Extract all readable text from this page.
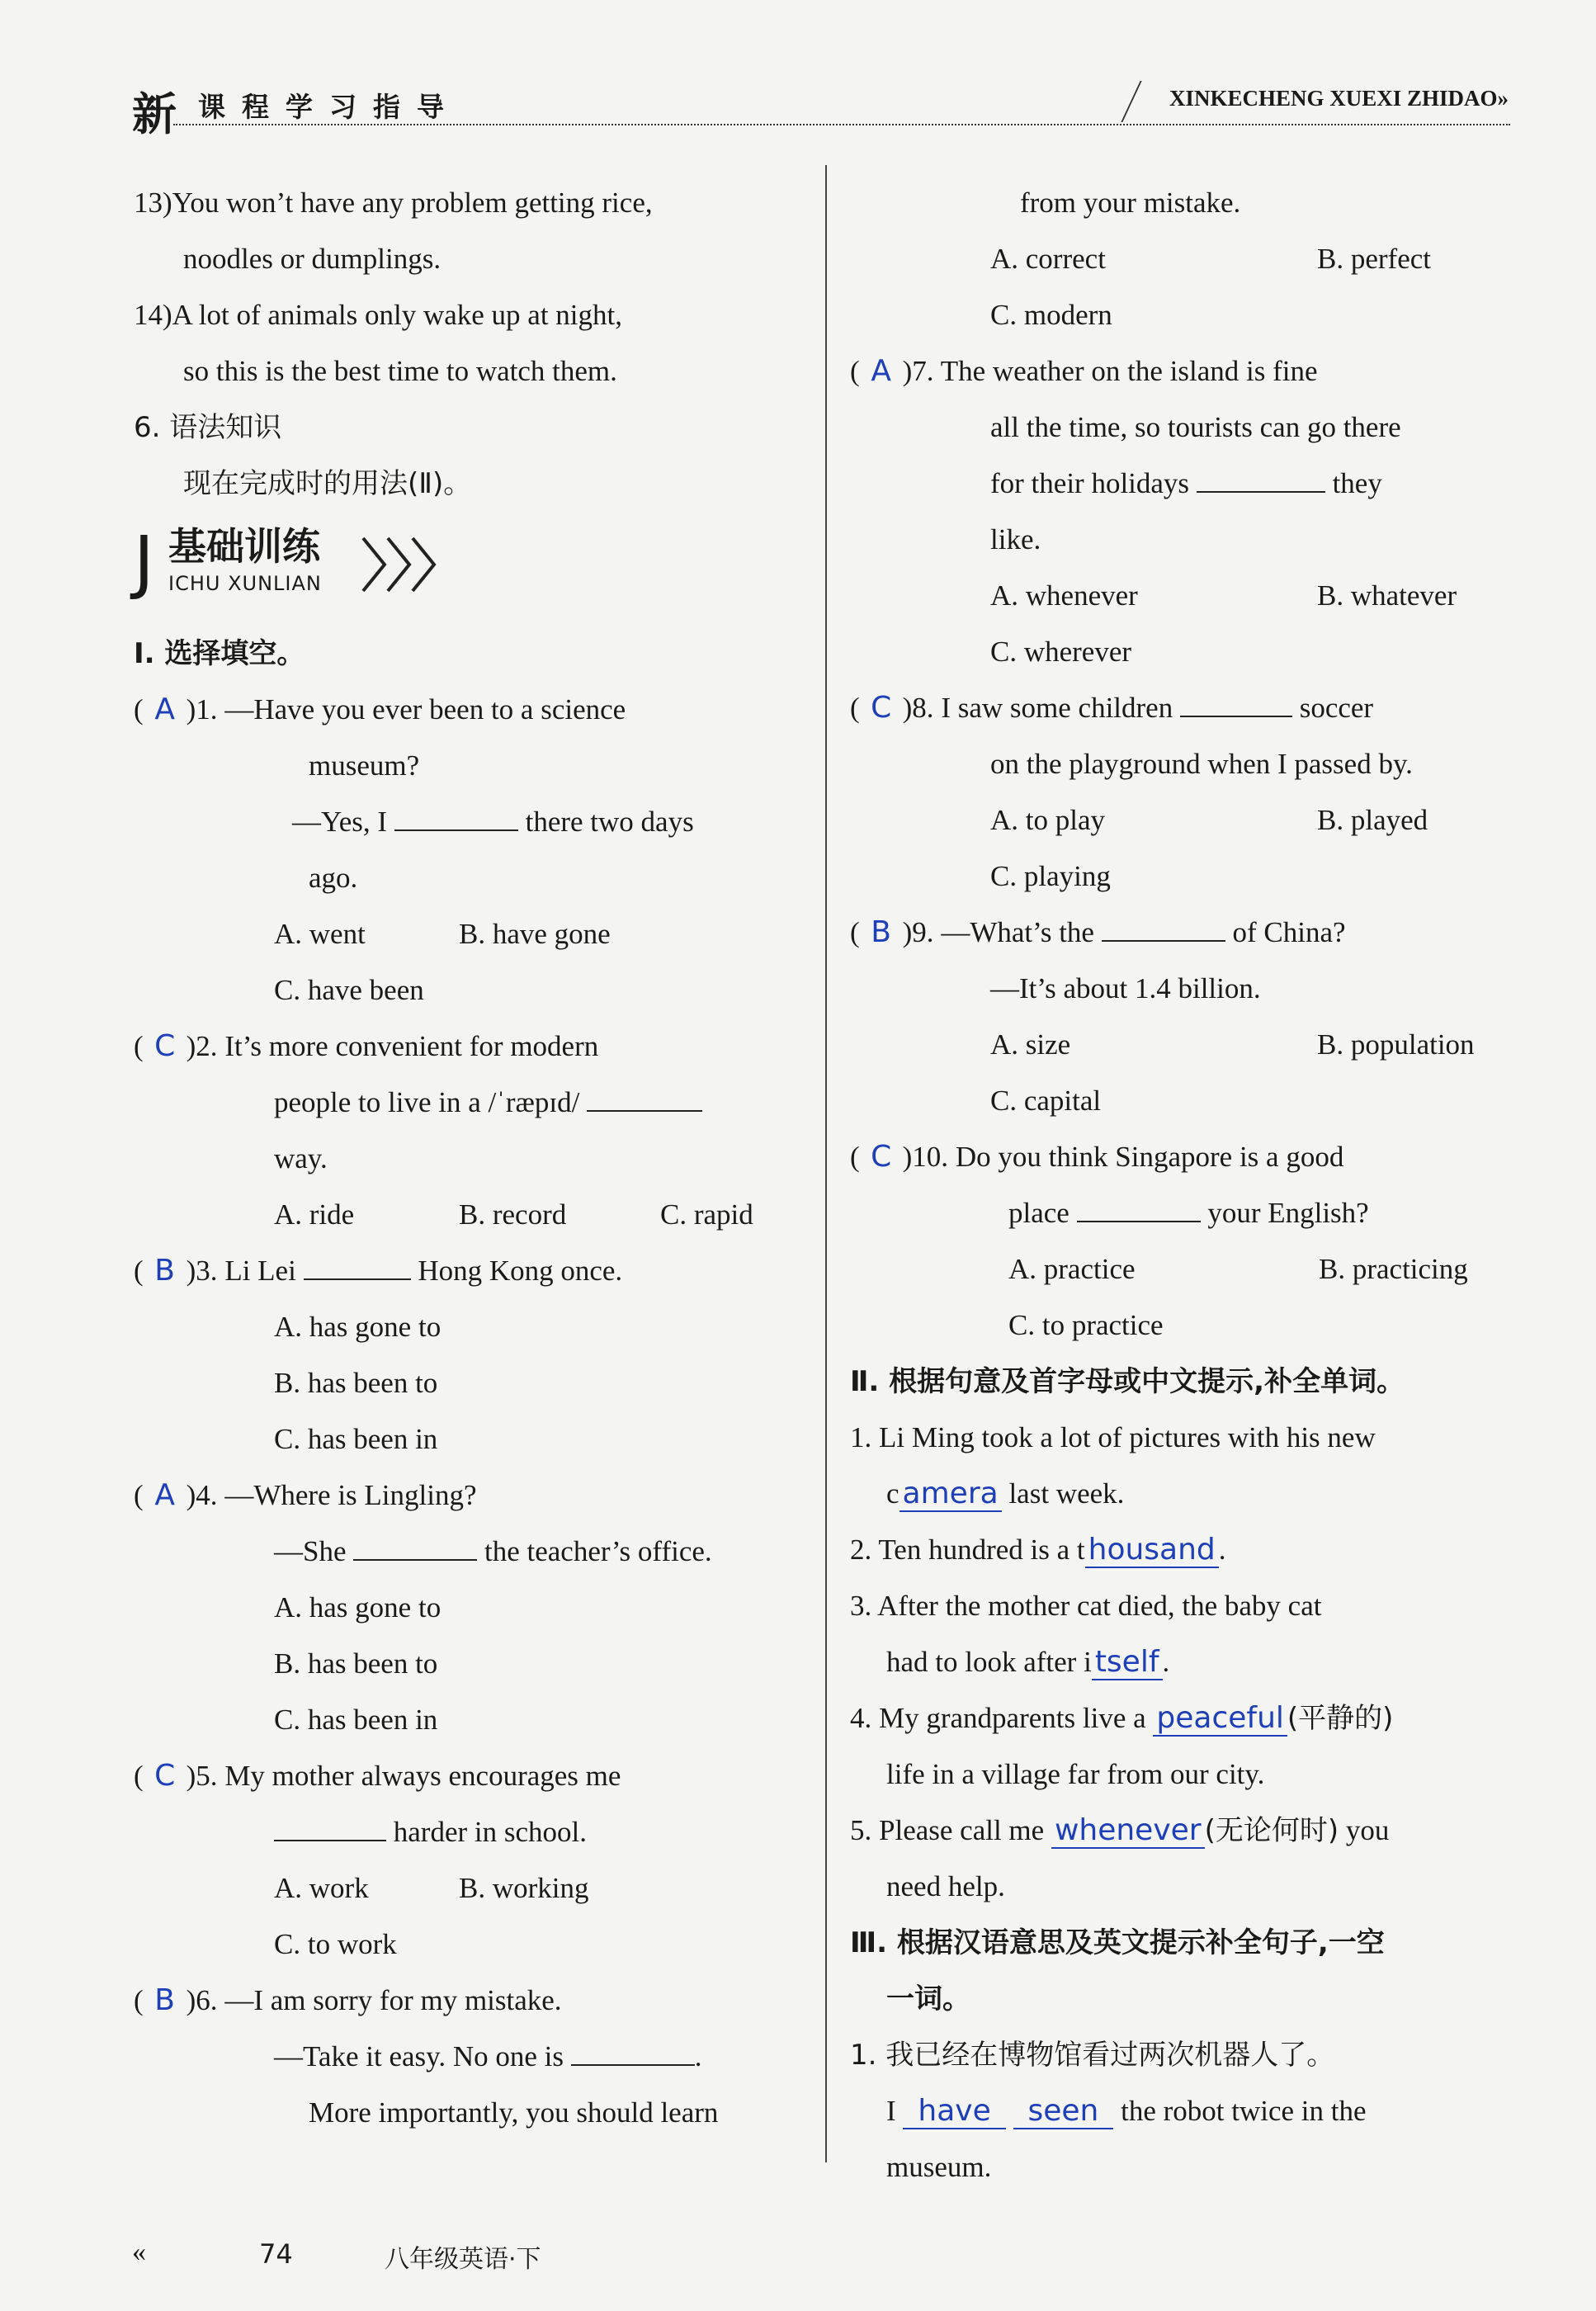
新 课程学习指导	XINKECHENG XUEXI ZHIDAO»
13)You won’t have any problem getting rice,
noodles or dumplings.
14)A lot of animals only wake up at night,
so this is the best time to watch them.
6. 语法知识
现在完成时的用法(Ⅱ)。
J 基础训练
ICHU XUNLIAN
Ⅰ. 选择填空。
( A )1. —Have you ever been to a science
museum?
—Yes, I	there two days
ago.
A. went	B. have gone
C. have been
( C )2. It’s more convenient for modern
people to live in a /ˈræpɪd/
way.
A. ride	B. record	C. rapid
( B )3. Li Lei	Hong Kong once.
A. has gone to
B. has been to
C. has been in
( A )4. —Where is Lingling?
—She	the teacher’s office.
A. has gone to
B. has been to
C. has been in
( C )5. My mother always encourages me
harder in school.
A. work	B. working
C. to work
( B )6. —I am sorry for my mistake.
—Take it easy. No one is	.
More importantly, you should learn
from your mistake.
A. correct	B. perfect
C. modern
( A )7. The weather on the island is fine
all the time, so tourists can go there
for their holidays	they
like.
A. whenever	B. whatever
C. wherever
( C )8. I saw some children	soccer
on the playground when I passed by.
A. to play	B. played
C. playing
( B )9. —What’s the	of China?
—It’s about 1.4 billion.
A. size	B. population
C. capital
( C )10. Do you think Singapore is a good
place	your English?
A. practice	B. practicing
C. to practice
Ⅱ. 根据句意及首字母或中文提示,补全单词。
1. Li Ming took a lot of pictures with his new
c amera last week.
2. Ten hundred is a t housand .
3. After the mother cat died, the baby cat
had to look after i tself .
4. My grandparents live a peaceful (平静的)
life in a village far from our city.
5. Please call me whenever (无论何时) you
need help.
Ⅲ. 根据汉语意思及英文提示补全句子,一空
一词。
1. 我已经在博物馆看过两次机器人了。
I have seen the robot twice in the
museum.
«	74	八年级英语·下
